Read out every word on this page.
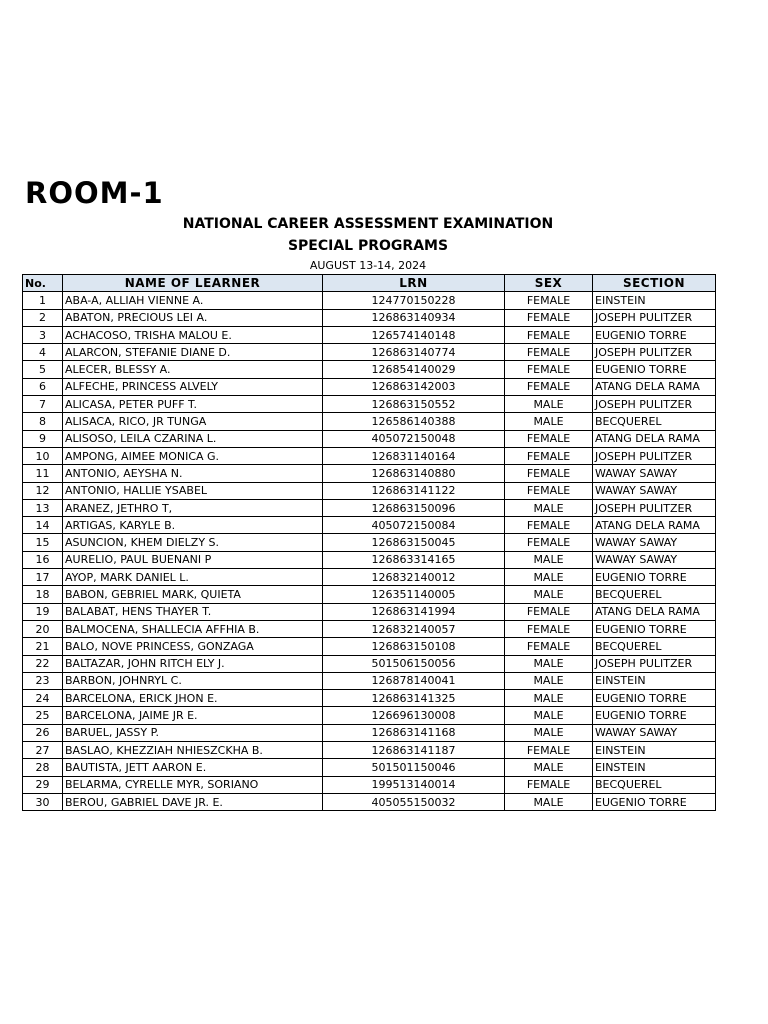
ROOM-1
NATIONAL CAREER ASSESSMENT EXAMINATION
SPECIAL PROGRAMS
AUGUST 13-14, 2024
No.	NAME OF LEARNER	LRN	SEX	SECTION
1	ABA-A, ALLIAH VIENNE A.	124770150228	FEMALE	EINSTEIN
2	ABATON, PRECIOUS LEI A.	126863140934	FEMALE	JOSEPH PULITZER
3	ACHACOSO, TRISHA MALOU E.	126574140148	FEMALE	EUGENIO TORRE
4	ALARCON, STEFANIE DIANE D.	126863140774	FEMALE	JOSEPH PULITZER
5	ALECER, BLESSY A.	126854140029	FEMALE	EUGENIO TORRE
6	ALFECHE, PRINCESS ALVELY	126863142003	FEMALE	ATANG DELA RAMA
7	ALICASA, PETER PUFF T.	126863150552	MALE	JOSEPH PULITZER
8	ALISACA, RICO, JR TUNGA	126586140388	MALE	BECQUEREL
9	ALISOSO, LEILA CZARINA L.	405072150048	FEMALE	ATANG DELA RAMA
10	AMPONG, AIMEE MONICA G.	126831140164	FEMALE	JOSEPH PULITZER
11	ANTONIO, AEYSHA N.	126863140880	FEMALE	WAWAY SAWAY
12	ANTONIO, HALLIE YSABEL	126863141122	FEMALE	WAWAY SAWAY
13	ARANEZ, JETHRO T,	126863150096	MALE	JOSEPH PULITZER
14	ARTIGAS, KARYLE B.	405072150084	FEMALE	ATANG DELA RAMA
15	ASUNCION, KHEM DIELZY S.	126863150045	FEMALE	WAWAY SAWAY
16	AURELIO, PAUL BUENANI P	126863314165	MALE	WAWAY SAWAY
17	AYOP, MARK DANIEL L.	126832140012	MALE	EUGENIO TORRE
18	BABON, GEBRIEL MARK, QUIETA	126351140005	MALE	BECQUEREL
19	BALABAT, HENS THAYER T.	126863141994	FEMALE	ATANG DELA RAMA
20	BALMOCENA, SHALLECIA AFFHIA B.	126832140057	FEMALE	EUGENIO TORRE
21	BALO, NOVE PRINCESS, GONZAGA	126863150108	FEMALE	BECQUEREL
22	BALTAZAR, JOHN RITCH ELY J.	501506150056	MALE	JOSEPH PULITZER
23	BARBON, JOHNRYL C.	126878140041	MALE	EINSTEIN
24	BARCELONA, ERICK JHON E.	126863141325	MALE	EUGENIO TORRE
25	BARCELONA, JAIME JR E.	126696130008	MALE	EUGENIO TORRE
26	BARUEL, JASSY P.	126863141168	MALE	WAWAY SAWAY
27	BASLAO, KHEZZIAH NHIESZCKHA B.	126863141187	FEMALE	EINSTEIN
28	BAUTISTA, JETT AARON E.	501501150046	MALE	EINSTEIN
29	BELARMA, CYRELLE MYR, SORIANO	199513140014	FEMALE	BECQUEREL
30	BEROU, GABRIEL DAVE JR. E.	405055150032	MALE	EUGENIO TORRE
